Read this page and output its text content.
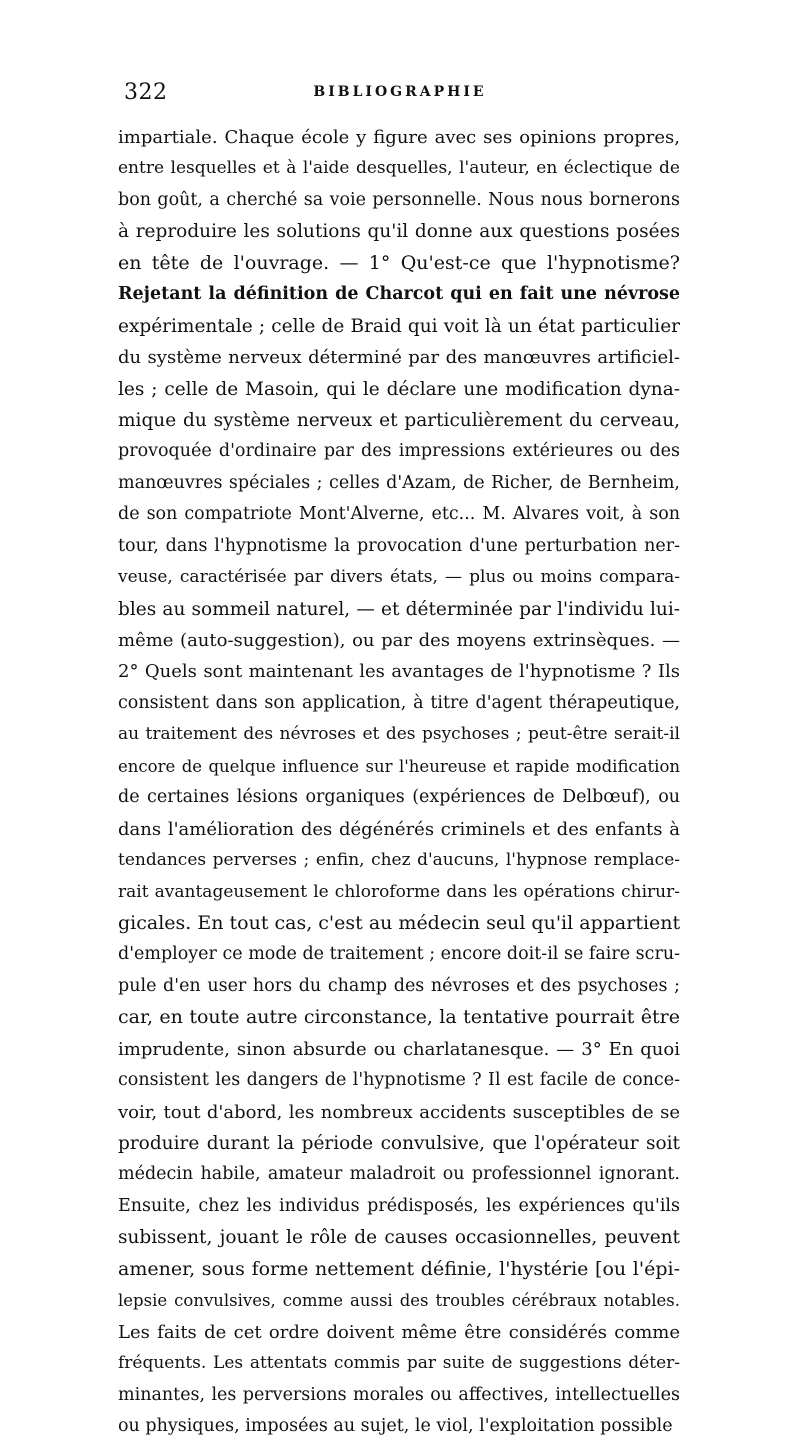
322	BIBLIOGRAPHIE
impartiale. Chaque école y figure avec ses opinions propres,
entre lesquelles et à l'aide desquelles, l'auteur, en éclectique de
bon goût, a cherché sa voie personnelle. Nous nous bornerons
à reproduire les solutions qu'il donne aux questions posées
en tête de l'ouvrage. — 1° Qu'est-ce que l'hypnotisme?
Rejetant la définition de Charcot qui en fait une névrose
expérimentale ; celle de Braid qui voit là un état particulier
du système nerveux déterminé par des manœuvres artificiel-
les ; celle de Masoin, qui le déclare une modification dyna-
mique du système nerveux et particulièrement du cerveau,
provoquée d'ordinaire par des impressions extérieures ou des
manœuvres spéciales ; celles d'Azam, de Richer, de Bernheim,
de son compatriote Mont'Alverne, etc... M. Alvares voit, à son
tour, dans l'hypnotisme la provocation d'une perturbation ner-
veuse, caractérisée par divers états, — plus ou moins compara-
bles au sommeil naturel, — et déterminée par l'individu lui-
même (auto-suggestion), ou par des moyens extrinsèques. —
2° Quels sont maintenant les avantages de l'hypnotisme ? Ils
consistent dans son application, à titre d'agent thérapeutique,
au traitement des névroses et des psychoses ; peut-être serait-il
encore de quelque influence sur l'heureuse et rapide modification
de certaines lésions organiques (expériences de Delbœuf), ou
dans l'amélioration des dégénérés criminels et des enfants à
tendances perverses ; enfin, chez d'aucuns, l'hypnose remplace-
rait avantageusement le chloroforme dans les opérations chirur-
gicales. En tout cas, c'est au médecin seul qu'il appartient
d'employer ce mode de traitement ; encore doit-il se faire scru-
pule d'en user hors du champ des névroses et des psychoses ;
car, en toute autre circonstance, la tentative pourrait être
imprudente, sinon absurde ou charlatanesque. — 3° En quoi
consistent les dangers de l'hypnotisme ? Il est facile de conce-
voir, tout d'abord, les nombreux accidents susceptibles de se
produire durant la période convulsive, que l'opérateur soit
médecin habile, amateur maladroit ou professionnel ignorant.
Ensuite, chez les individus prédisposés, les expériences qu'ils
subissent, jouant le rôle de causes occasionnelles, peuvent
amener, sous forme nettement définie, l'hystérie [ou l'épi-
lepsie convulsives, comme aussi des troubles cérébraux notables.
Les faits de cet ordre doivent même être considérés comme
fréquents. Les attentats commis par suite de suggestions déter-
minantes, les perversions morales ou affectives, intellectuelles
ou physiques, imposées au sujet, le viol, l'exploitation possible
